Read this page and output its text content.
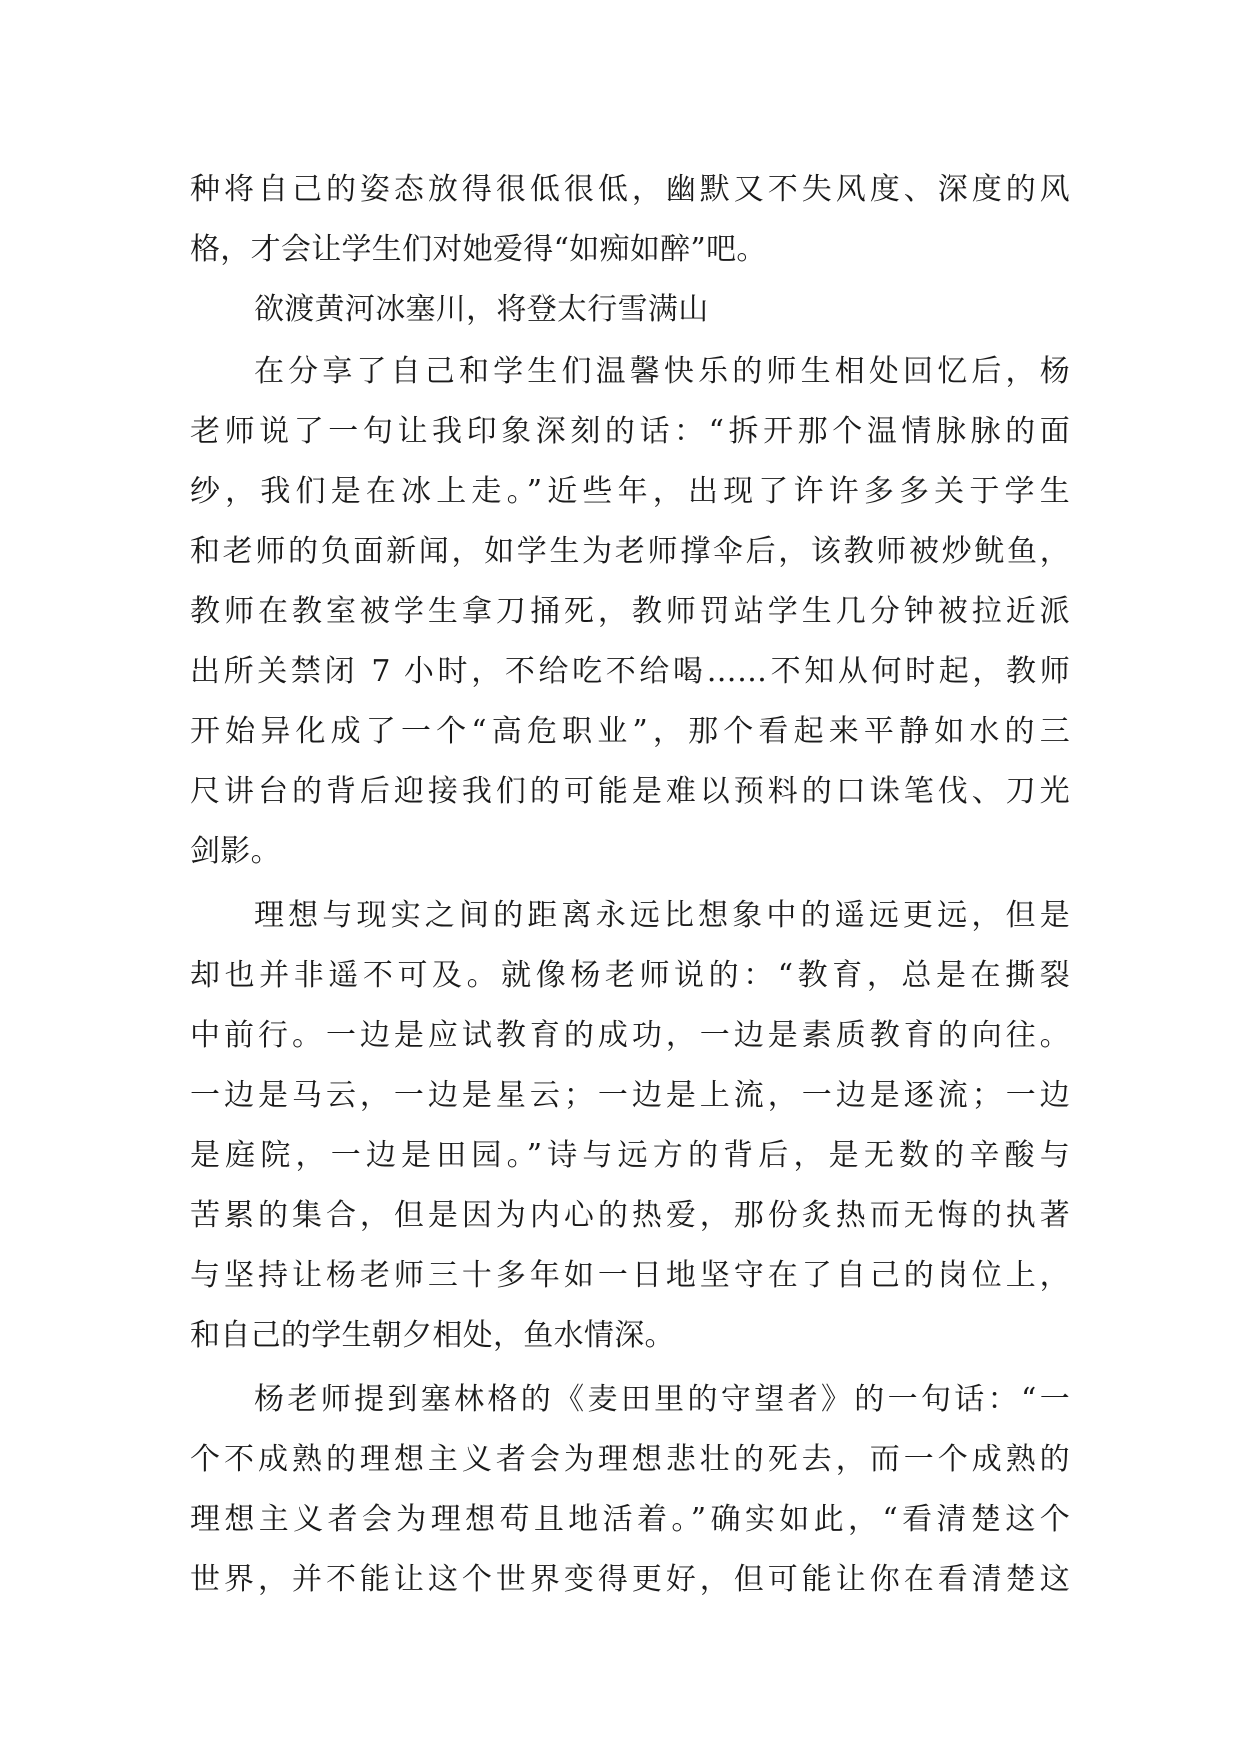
种将自己的姿态放得很低很低，幽默又不失风度、深度的风
格，才会让学生们对她爱得“如痴如醉”吧。
欲渡黄河冰塞川，将登太行雪满山
在分享了自己和学生们温馨快乐的师生相处回忆后，杨
老师说了一句让我印象深刻的话：“拆开那个温情脉脉的面
纱，我们是在冰上走。”近些年，出现了许许多多关于学生
和老师的负面新闻，如学生为老师撑伞后，该教师被炒鱿鱼，
教师在教室被学生拿刀捅死，教师罚站学生几分钟被拉近派
出所关禁闭 7 小时，不给吃不给喝……不知从何时起，教师
开始异化成了一个“高危职业”，那个看起来平静如水的三
尺讲台的背后迎接我们的可能是难以预料的口诛笔伐、刀光
剑影。
理想与现实之间的距离永远比想象中的遥远更远，但是
却也并非遥不可及。就像杨老师说的：“教育，总是在撕裂
中前行。一边是应试教育的成功，一边是素质教育的向往。
一边是马云，一边是星云；一边是上流，一边是逐流；一边
是庭院，一边是田园。”诗与远方的背后，是无数的辛酸与
苦累的集合，但是因为内心的热爱，那份炙热而无悔的执著
与坚持让杨老师三十多年如一日地坚守在了自己的岗位上，
和自己的学生朝夕相处，鱼水情深。
杨老师提到塞林格的《麦田里的守望者》的一句话：“一
个不成熟的理想主义者会为理想悲壮的死去，而一个成熟的
理想主义者会为理想苟且地活着。”确实如此，“看清楚这个
世界，并不能让这个世界变得更好，但可能让你在看清楚这
